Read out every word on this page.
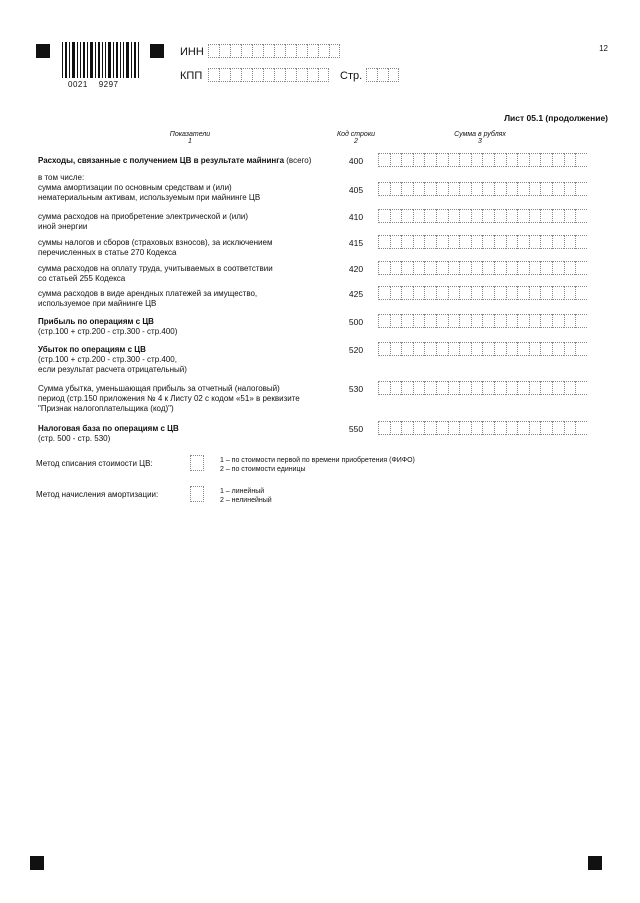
0021    9297
ИНН
КПП	Стр.
12
Лист 05.1 (продолжение)
Показатели
1
Код строки
2
Сумма в рублях
3
Расходы, связанные с получением ЦВ в результате майнинга (всего)	400
в том числе:
сумма амортизации по основным средствам и (или)
нематериальным активам, используемым при майнинге ЦВ
405
сумма расходов на приобретение электрической и (или)
иной энергии
410
суммы налогов и сборов (страховых взносов), за исключением
перечисленных в статье 270 Кодекса
415
сумма расходов на оплату труда, учитываемых в соответствии
со статьей 255 Кодекса
420
сумма расходов в виде арендных платежей за имущество,
используемое при майнинге ЦВ
425
Прибыль по операциям с ЦВ
(стр.100 + стр.200 - стр.300 - стр.400)
500
Убыток по операциям с ЦВ
(стр.100 + стр.200 - стр.300 - стр.400,
если результат расчета отрицательный)
520
Сумма убытка, уменьшающая прибыль за отчетный (налоговый)
период (стр.150 приложения № 4 к Листу 02 с кодом «51» в реквизите
"Признак налогоплательщика (код)")
530
Налоговая база по операциям с ЦВ
(стр. 500 - стр. 530)
550
Метод списания стоимости ЦВ:	1 – по стоимости первой по времени приобретения (ФИФО)
2 – по стоимости единицы
Метод начисления амортизации:	1 – линейный
2 – нелинейный
